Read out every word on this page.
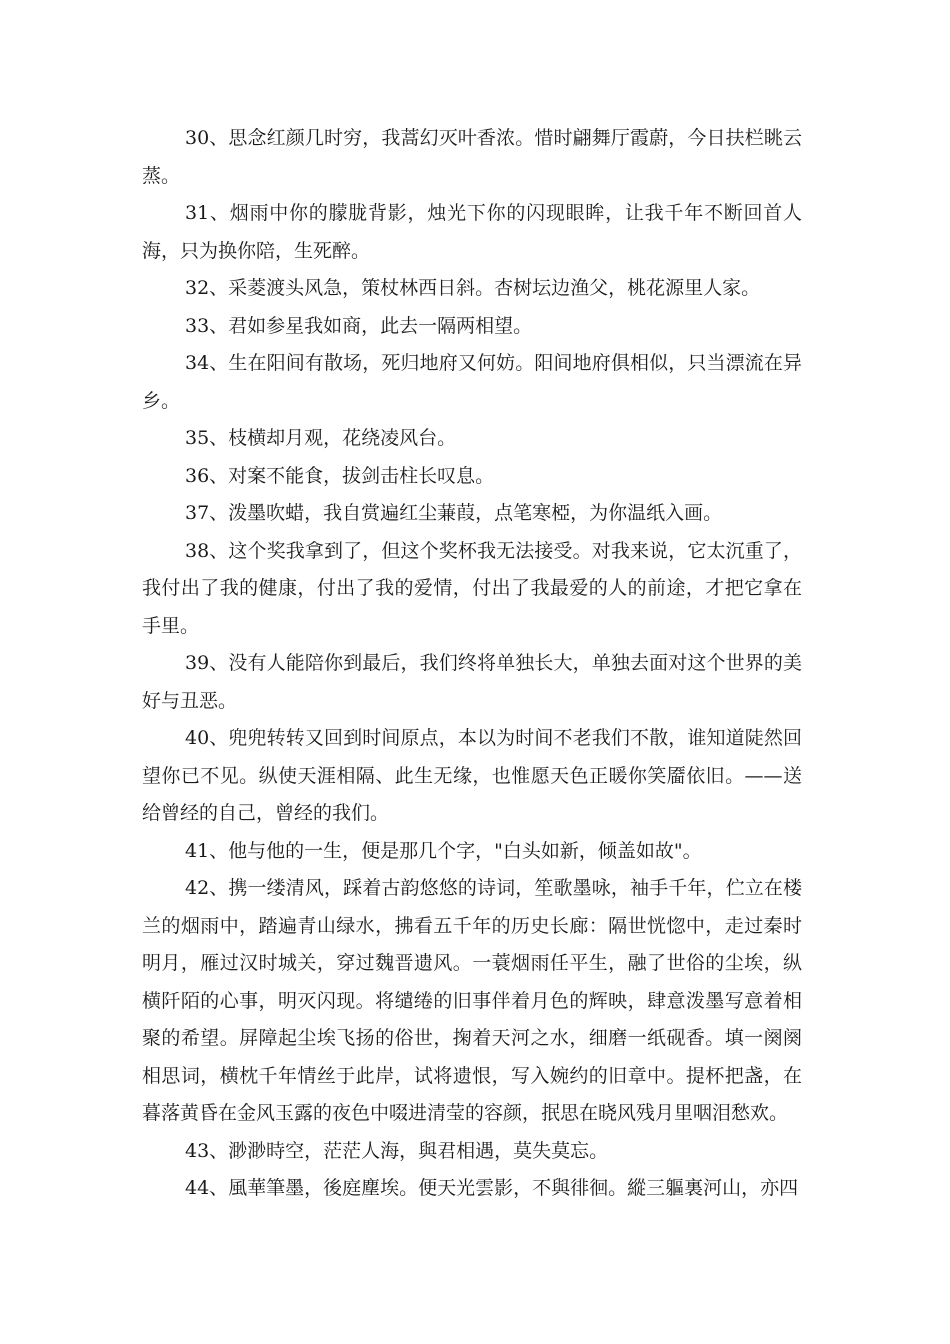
30、思念红颜几时穷，我蒿幻灭叶香浓。惜时翩舞厅霞蔚，今日扶栏眺云蒸。

31、烟雨中你的朦胧背影，烛光下你的闪现眼眸，让我千年不断回首人海，只为换你陪，生死醉。

32、采菱渡头风急，策杖林西日斜。杏树坛边渔父，桃花源里人家。

33、君如参星我如商，此去一隔两相望。

34、生在阳间有散场，死归地府又何妨。阳间地府俱相似，只当漂流在异乡。

35、枝横却月观，花绕凌风台。

36、对案不能食，拔剑击柱长叹息。

37、泼墨吹蜡，我自赏遍红尘蒹葭，点笔寒椏，为你温纸入画。

38、这个奖我拿到了，但这个奖杯我无法接受。对我来说，它太沉重了，我付出了我的健康，付出了我的爱情，付出了我最爱的人的前途，才把它拿在手里。

39、没有人能陪你到最后，我们终将单独长大，单独去面对这个世界的美好与丑恶。

40、兜兜转转又回到时间原点，本以为时间不老我们不散，谁知道陡然回望你已不见。纵使天涯相隔、此生无缘，也惟愿天色正暖你笑靥依旧。——送给曾经的自己，曾经的我们。

41、他与他的一生，便是那几个字，"白头如新，倾盖如故"。

42、携一缕清风，踩着古韵悠悠的诗词，笙歌墨咏，袖手千年，伫立在楼兰的烟雨中，踏遍青山绿水，拂看五千年的历史长廊：隔世恍惚中，走过秦时明月，雁过汉时城关，穿过魏晋遗风。一蓑烟雨任平生，融了世俗的尘埃，纵横阡陌的心事，明灭闪现。将缱绻的旧事伴着月色的辉映，肆意泼墨写意着相聚的希望。屏障起尘埃飞扬的俗世，掬着天河之水，细磨一纸砚香。填一阕阕相思词，横枕千年情丝于此岸，试将遗恨，写入婉约的旧章中。提杯把盏，在暮落黄昏在金风玉露的夜色中啜进清莹的容颜，抿思在晓风残月里咽泪愁欢。

43、渺渺時空，茫茫人海，與君相遇，莫失莫忘。

44、風華筆墨，後庭塵埃。便天光雲影，不與徘徊。縱三軀裏河山，亦四
